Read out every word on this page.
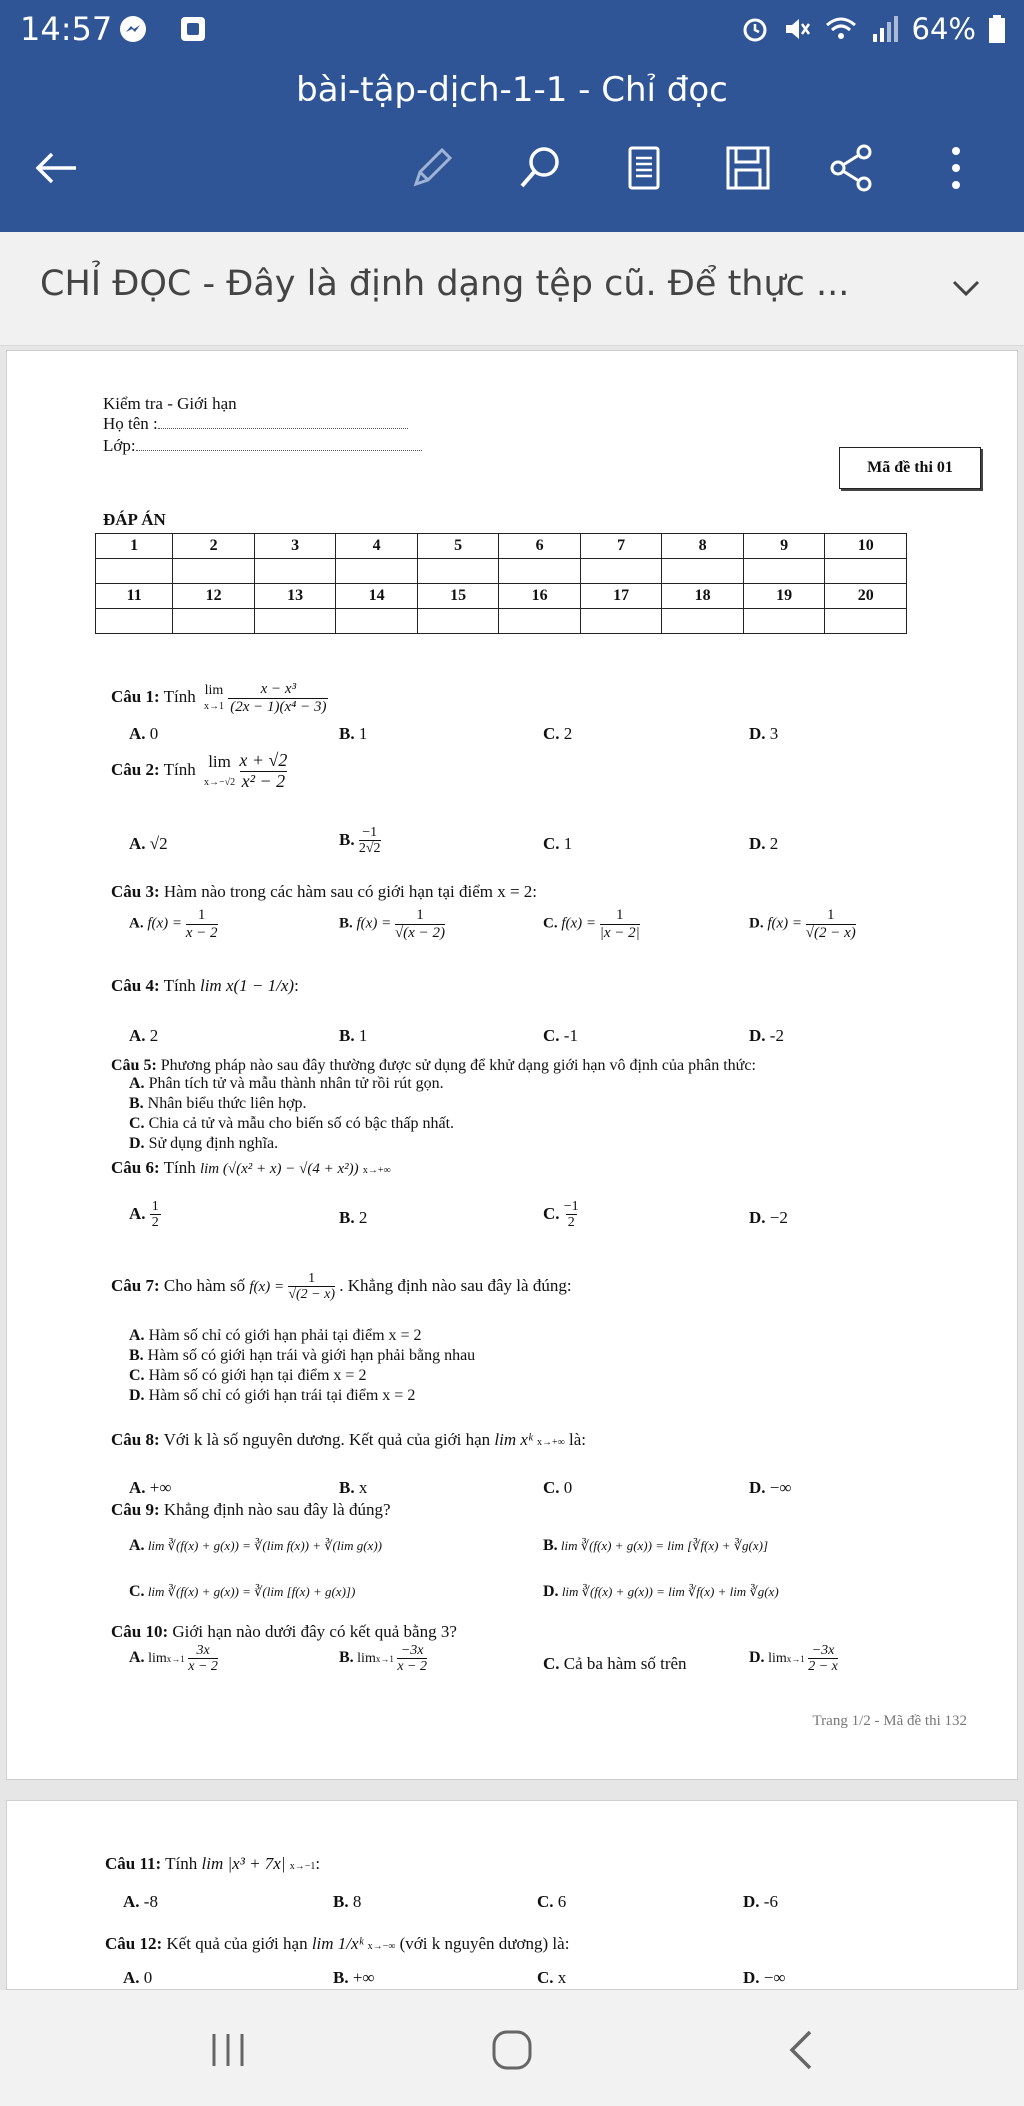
14:57	64%
bài-tập-dịch-1-1 - Chỉ đọc
CHỈ ĐỌC - Đây là định dạng tệp cũ. Để thực ...
Kiểm tra - Giới hạn
Họ tên :
Lớp:
Mã đề thi 01
ĐÁP ÁN
1	2	3	4	5	6	7	8	9	10

11	12	13	14	15	16	17	18	19	20

Câu 1: Tính lim
$x\to 1 \frac{\text{x − x³}}{\text{(2x − 1)(x⁴ − 3)}}$
A. 0	B. 1	C. 2	D. 3
Câu 2: Tính lim
$x\to-√2 \frac{x + √2}{\text{x² − 2}}$
A. √2	B. $\frac{-1}{2√2}$	C. 1	D. 2
Câu 3: Hàm nào trong các hàm sau có giới hạn tại điểm x = 2:
A. $f(x) = \frac{1}{x - 2}$	B. $f(x) = \frac{1}{√(x - 2)}$	C. $f(x) = \frac{1}{|x - 2|}$	D. $f(x) = \frac{1}{√(2 - x)}$
Câu 4: Tính lim x(1 − 1/x):
A. 2	B. 1	C. -1	D. -2
Câu 5: Phương pháp nào sau đây thường được sử dụng để khử dạng giới hạn vô định của phân thức:
A. Phân tích tử và mẫu thành nhân tử rồi rút gọn.
B. Nhân biểu thức liên hợp.
C. Chia cả tử và mẫu cho biến số có bậc thấp nhất.
D. Sử dụng định nghĩa.
Câu 6: Tính lim (√(x² + x) − √(4 + x²)) x→+∞
A. $\frac{1}{2}$	B. 2	C. $\frac{-1}{2}$	D. −2
Câu 7: Cho hàm số $f(x) = \frac{1}{√(2 - x)}$ . Khẳng định nào sau đây là đúng:
A. Hàm số chỉ có giới hạn phải tại điểm x = 2
B. Hàm số có giới hạn trái và giới hạn phải bằng nhau
C. Hàm số có giới hạn tại điểm x = 2
D. Hàm số chỉ có giới hạn trái tại điểm x = 2
Câu 8: Với k là số nguyên dương. Kết quả của giới hạn lim xᵏ x→+∞ là:
A. +∞	B. x	C. 0	D. −∞
Câu 9: Khẳng định nào sau đây là đúng?
A. lim ∛(f(x) + g(x)) = ∛(lim f(x)) + ∛(lim g(x))	B. lim ∛(f(x) + g(x)) = lim [∛f(x) + ∛g(x)]
C. lim ∛(f(x) + g(x)) = ∛(lim [f(x) + g(x)])	D. lim ∛(f(x) + g(x)) = lim ∛f(x) + lim ∛g(x)
Câu 10: Giới hạn nào dưới đây có kết quả bằng 3?
A. $\lim x\to 1 \frac{3x}{x - 2}$	B. $\lim x\to 1 \frac{-3x}{x - 2}$	C. Cả ba hàm số trên	D. $\lim x\to 1 \frac{-3x}{2 - x}$
Trang 1/2 - Mã đề thi 132
Câu 11: Tính lim |x³ + 7x| x→−1:
A. -8	B. 8	C. 6	D. -6
Câu 12: Kết quả của giới hạn lim 1/xᵏ x→−∞ (với k nguyên dương) là:
A. 0	B. +∞	C. x	D. −∞
